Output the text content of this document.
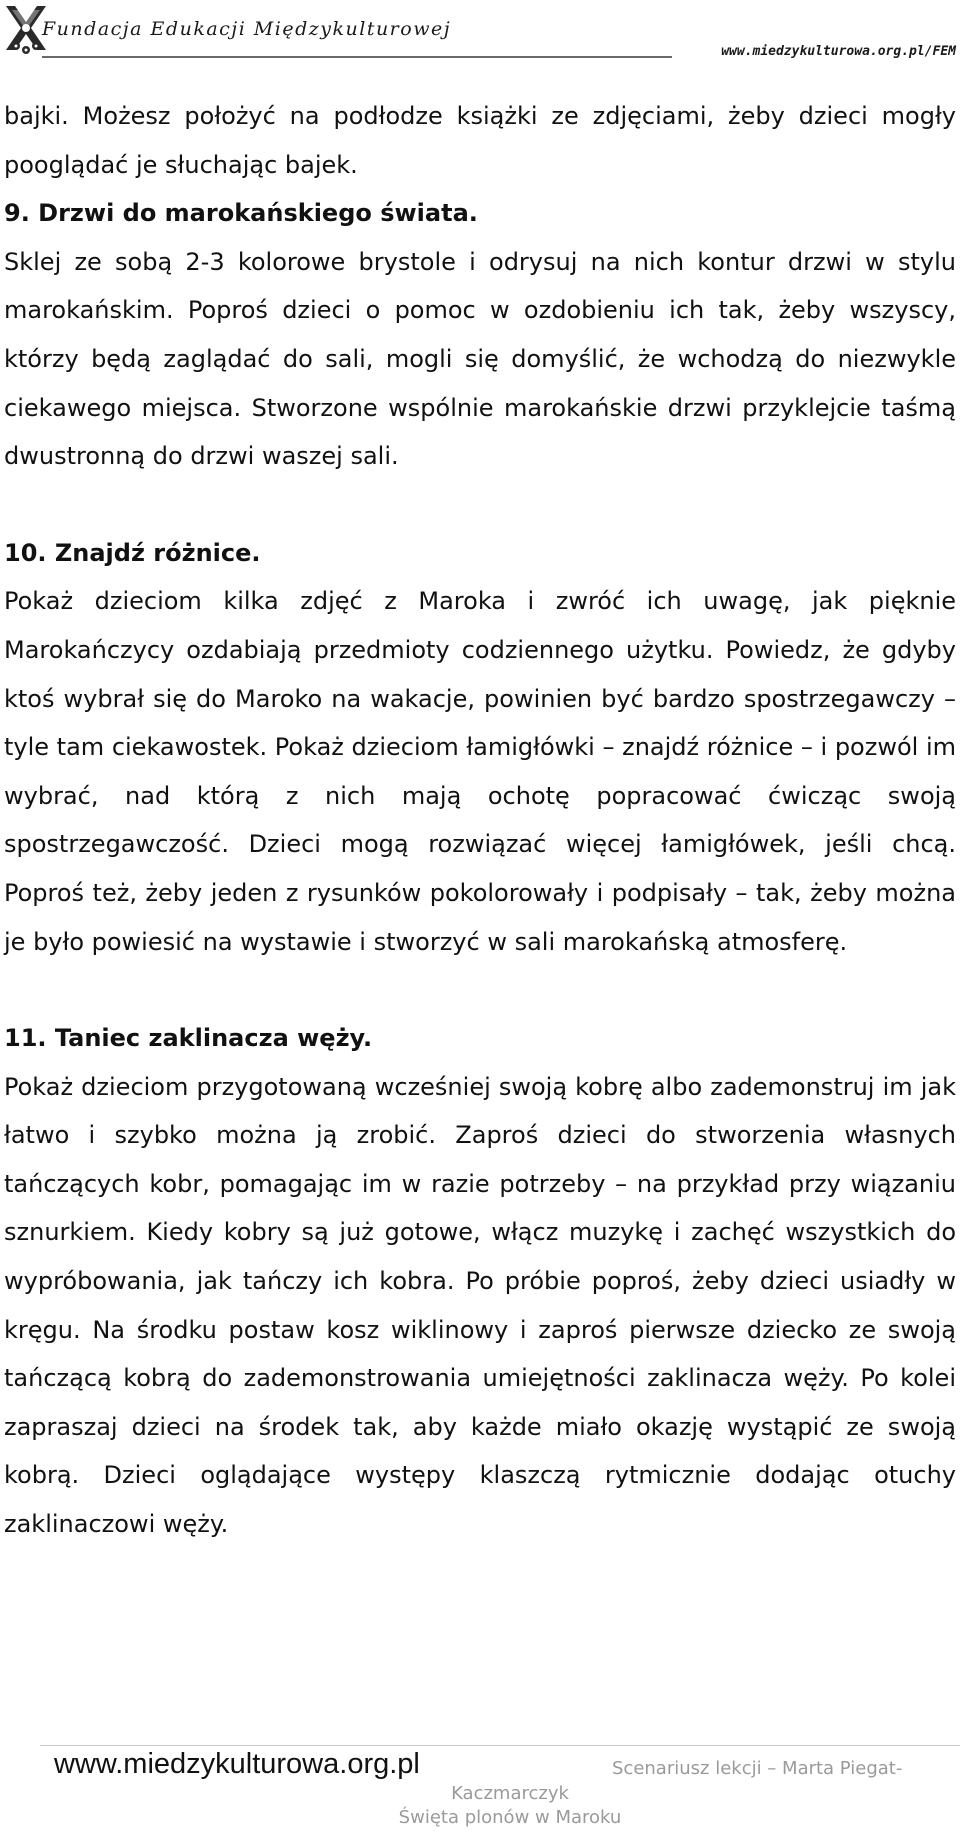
Fundacja Edukacji Międzykulturowej
www.miedzykulturowa.org.pl/FEM

bajki. Możesz położyć na podłodze książki ze zdjęciami, żeby dzieci mogły pooglądać je słuchając bajek.

9. Drzwi do marokańskiego świata.

Sklej ze sobą 2-3 kolorowe brystole i odrysuj na nich kontur drzwi w stylu marokańskim. Poproś dzieci o pomoc w ozdobieniu ich tak, żeby wszyscy, którzy będą zaglądać do sali, mogli się domyślić, że wchodzą do niezwykle ciekawego miejsca. Stworzone wspólnie marokańskie drzwi przyklejcie taśmą dwustronną do drzwi waszej sali.

10. Znajdź różnice.

Pokaż dzieciom kilka zdjęć z Maroka i zwróć ich uwagę, jak pięknie Marokańczycy ozdabiają przedmioty codziennego użytku. Powiedz, że gdyby ktoś wybrał się do Maroko na wakacje, powinien być bardzo spostrzegawczy – tyle tam ciekawostek. Pokaż dzieciom łamigłówki – znajdź różnice – i pozwól im wybrać, nad którą z nich mają ochotę popracować ćwicząc swoją spostrzegawczość. Dzieci mogą rozwiązać więcej łamigłówek, jeśli chcą. Poproś też, żeby jeden z rysunków pokolorowały i podpisały – tak, żeby można je było powiesić na wystawie i stworzyć w sali marokańską atmosferę.

11. Taniec zaklinacza węży.

Pokaż dzieciom przygotowaną wcześniej swoją kobrę albo zademonstruj im jak łatwo i szybko można ją zrobić. Zaproś dzieci do stworzenia własnych tańczących kobr, pomagając im w razie potrzeby – na przykład przy wiązaniu sznurkiem. Kiedy kobry są już gotowe, włącz muzykę i zachęć wszystkich do wypróbowania, jak tańczy ich kobra. Po próbie poproś, żeby dzieci usiadły w kręgu. Na środku postaw kosz wiklinowy i zaproś pierwsze dziecko ze swoją tańczącą kobrą do zademonstrowania umiejętności zaklinacza węży. Po kolei zapraszaj dzieci na środek tak, aby każde miało okazję wystąpić ze swoją kobrą. Dzieci oglądające występy klaszczą rytmicznie dodając otuchy zaklinaczowi węży.

www.miedzykulturowa.org.pl	Scenariusz lekcji – Marta Piegat-
Kaczmarczyk
Święta plonów w Maroku
